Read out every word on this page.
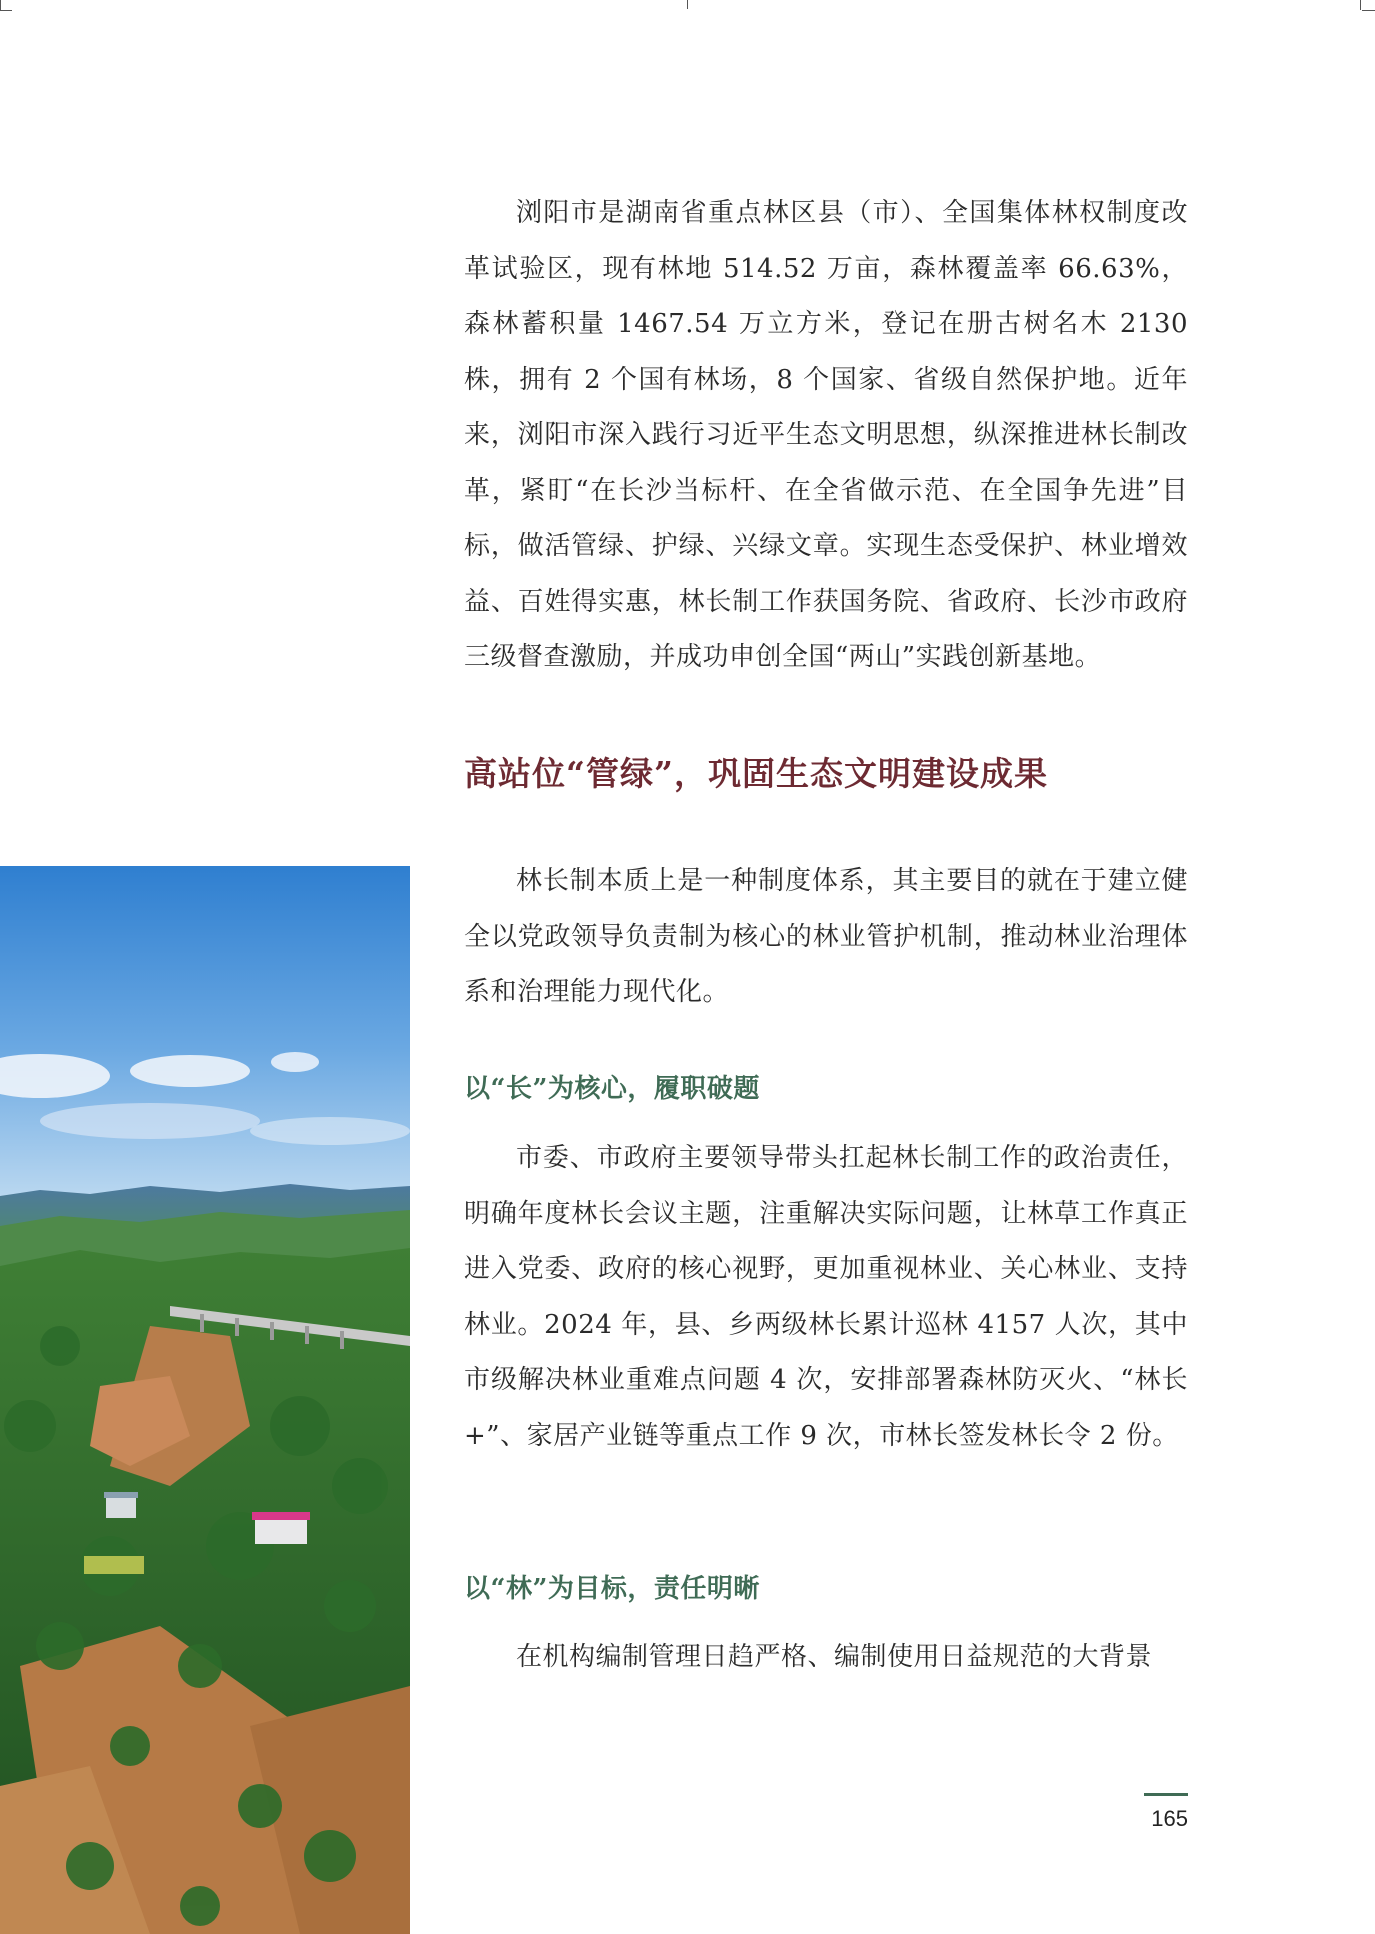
浏阳市是湖南省重点林区县（市）、全国集体林权制度改革试验区，现有林地 514.52 万亩，森林覆盖率 66.63%，森林蓄积量 1467.54 万立方米，登记在册古树名木 2130 株，拥有 2 个国有林场，8 个国家、省级自然保护地。近年来，浏阳市深入践行习近平生态文明思想，纵深推进林长制改革，紧盯“在长沙当标杆、在全省做示范、在全国争先进”目标，做活管绿、护绿、兴绿文章。实现生态受保护、林业增效益、百姓得实惠，林长制工作获国务院、省政府、长沙市政府三级督查激励，并成功申创全国“两山”实践创新基地。

高站位“管绿”，巩固生态文明建设成果

林长制本质上是一种制度体系，其主要目的就在于建立健全以党政领导负责制为核心的林业管护机制，推动林业治理体系和治理能力现代化。

以“长”为核心，履职破题

市委、市政府主要领导带头扛起林长制工作的政治责任，明确年度林长会议主题，注重解决实际问题，让林草工作真正进入党委、政府的核心视野，更加重视林业、关心林业、支持林业。2024 年，县、乡两级林长累计巡林 4157 人次，其中市级解决林业重难点问题 4 次，安排部署森林防灭火、“林长 +”、家居产业链等重点工作 9 次，市林长签发林长令 2 份。

以“林”为目标，责任明晰

在机构编制管理日趋严格、编制使用日益规范的大背景

165
